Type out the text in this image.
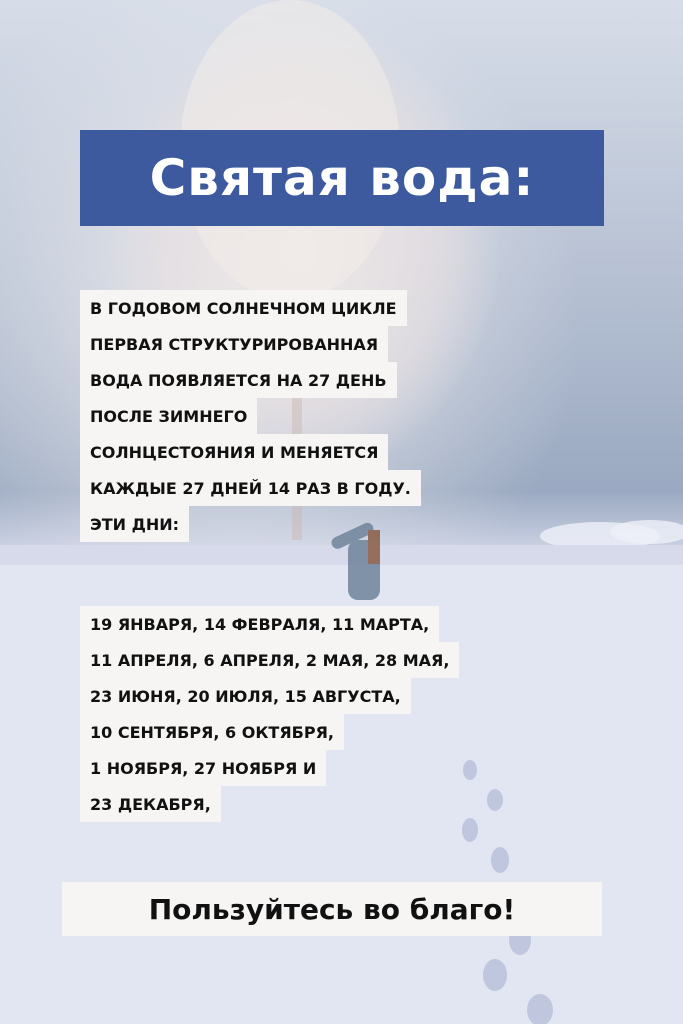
Святая вода:
В ГОДОВОМ СОЛНЕЧНОМ ЦИКЛЕ
ПЕРВАЯ СТРУКТУРИРОВАННАЯ
ВОДА ПОЯВЛЯЕТСЯ НА 27 ДЕНЬ
ПОСЛЕ ЗИМНЕГО
СОЛНЦЕСТОЯНИЯ И МЕНЯЕТСЯ
КАЖДЫЕ 27 ДНЕЙ 14 РАЗ В ГОДУ.
ЭТИ ДНИ:
19 ЯНВАРЯ, 14 ФЕВРАЛЯ, 11 МАРТА,
11 АПРЕЛЯ, 6 АПРЕЛЯ, 2 МАЯ, 28 МАЯ,
23 ИЮНЯ, 20 ИЮЛЯ, 15 АВГУСТА,
10 СЕНТЯБРЯ, 6 ОКТЯБРЯ,
1 НОЯБРЯ, 27 НОЯБРЯ И
23 ДЕКАБРЯ,
Пользуйтесь во благо!
